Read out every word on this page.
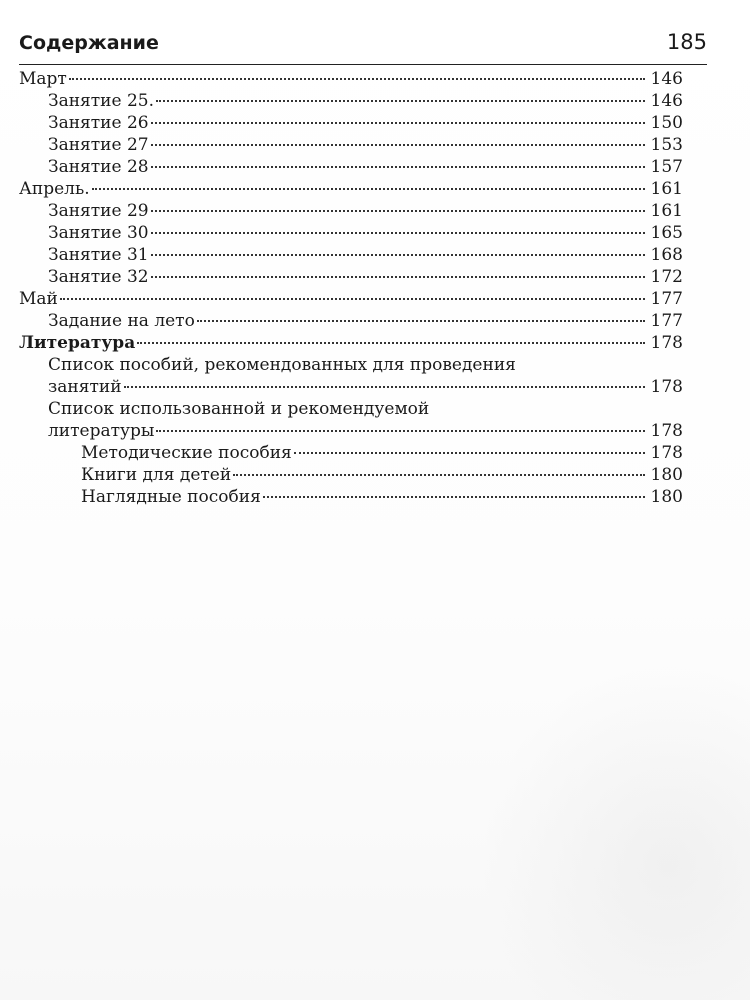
Содержание	185
Март	146
Занятие 25.	146
Занятие 26	150
Занятие 27	153
Занятие 28	157
Апрель.	161
Занятие 29	161
Занятие 30	165
Занятие 31	168
Занятие 32	172
Май	177
Задание на лето	177
Литература	178
Список пособий, рекомендованных для проведения
занятий	178
Список использованной и рекомендуемой
литературы	178
Методические пособия	178
Книги для детей	180
Наглядные пособия	180
